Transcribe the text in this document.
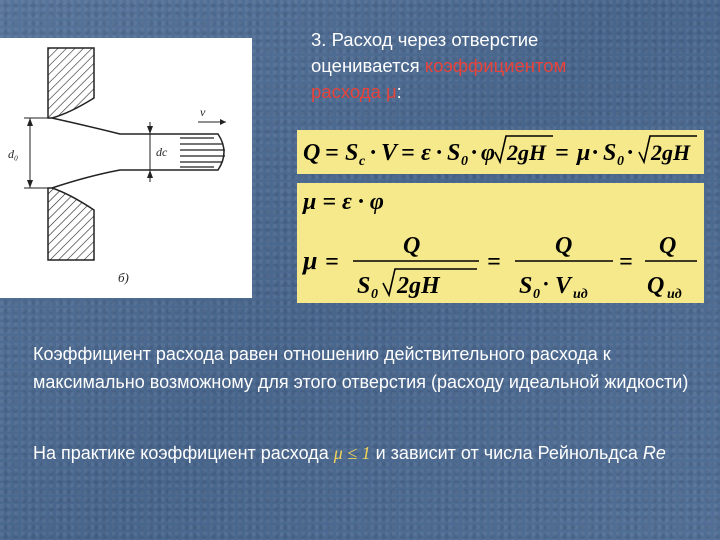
d₀	dс
v
б)
3. Расход через отверстие
оценивается коэффициентом
расхода μ:
Q = S c · V = ε · S 0 · φ 2gH = μ · S 0 · 2gH
μ = ε · φ
μ =
Q
S 0 2gH
=
Q
S 0 · V ид
=
Q
Q ид
Коэффициент расхода равен отношению действительного расхода к максимально возможному для этого отверстия (расходу идеальной жидкости)
На практике коэффициент расхода μ ≤ 1 и зависит от числа Рейнольдса Re
